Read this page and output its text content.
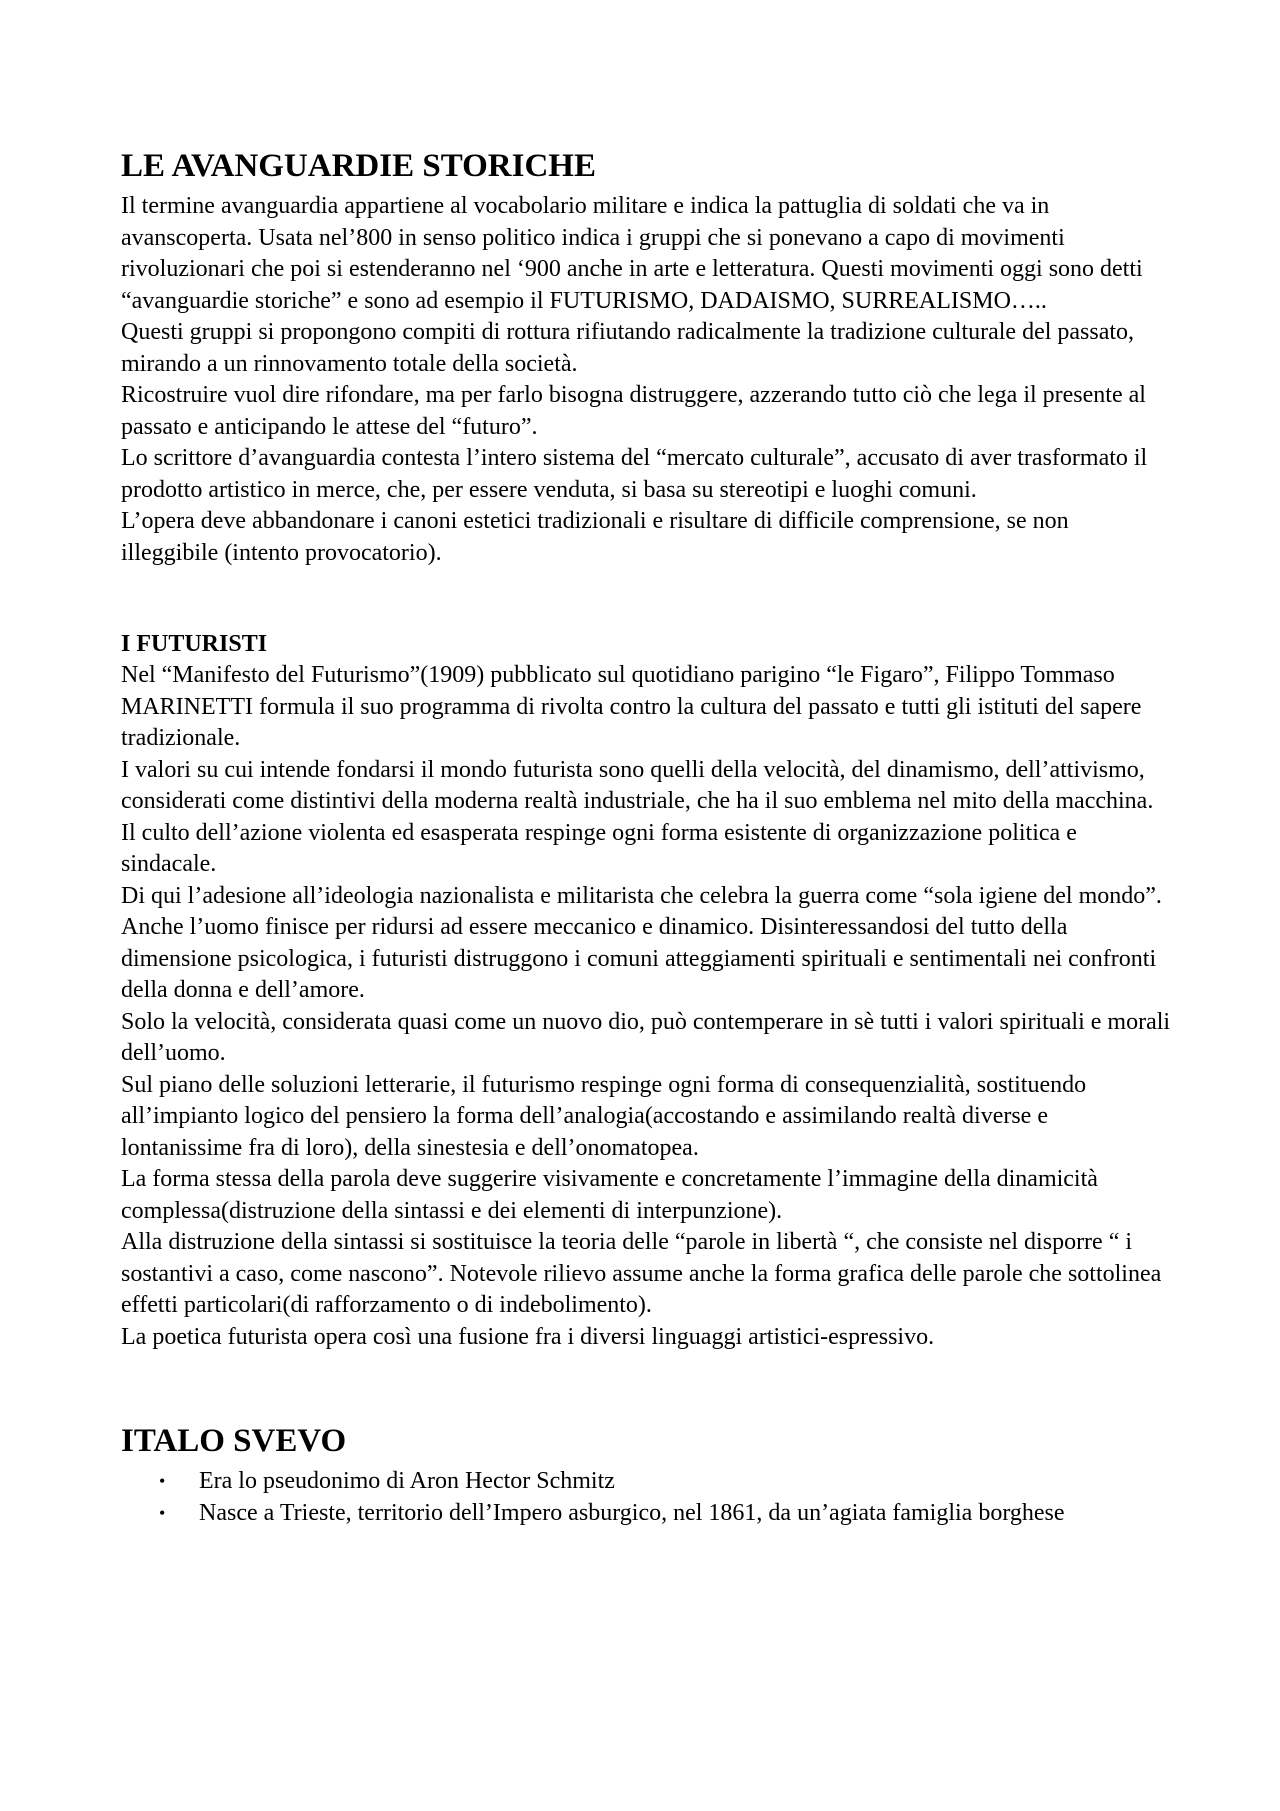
LE AVANGUARDIE STORICHE

Il termine avanguardia appartiene al vocabolario militare e indica la pattuglia di soldati che va in avanscoperta. Usata nel’800 in senso politico indica i gruppi che si ponevano a capo di movimenti rivoluzionari che poi si estenderanno nel ‘900 anche in arte e letteratura. Questi movimenti oggi sono detti “avanguardie storiche” e sono ad esempio il FUTURISMO, DADAISMO, SURREALISMO…..

Questi gruppi si propongono compiti di rottura rifiutando radicalmente la tradizione culturale del passato, mirando a un rinnovamento totale della società.

Ricostruire vuol dire rifondare, ma per farlo bisogna distruggere, azzerando tutto ciò che lega il presente al passato e anticipando le attese del “futuro”.

Lo scrittore d’avanguardia contesta l’intero sistema del “mercato culturale”, accusato di aver trasformato il prodotto artistico in merce, che, per essere venduta, si basa su stereotipi e luoghi comuni.

L’opera deve abbandonare i canoni estetici tradizionali e risultare di difficile comprensione, se non illeggibile (intento provocatorio).

I FUTURISTI

Nel “Manifesto del Futurismo”(1909) pubblicato sul quotidiano parigino “le Figaro”, Filippo Tommaso MARINETTI formula il suo programma di rivolta contro la cultura del passato e tutti gli istituti del sapere tradizionale.

I valori su cui intende fondarsi il mondo futurista sono quelli della velocità, del dinamismo, dell’attivismo, considerati come distintivi della moderna realtà industriale, che ha il suo emblema nel mito della macchina.

Il culto dell’azione violenta ed esasperata respinge ogni forma esistente di organizzazione politica e sindacale.

Di qui l’adesione all’ideologia nazionalista e militarista che celebra la guerra come “sola igiene del mondo”.

Anche l’uomo finisce per ridursi ad essere meccanico e dinamico. Disinteressandosi del tutto della dimensione psicologica, i futuristi distruggono i comuni atteggiamenti spirituali e sentimentali nei confronti della donna e dell’amore.

Solo la velocità, considerata quasi come un nuovo dio, può contemperare in sè tutti i valori spirituali e morali dell’uomo.

Sul piano delle soluzioni letterarie, il futurismo respinge ogni forma di consequenzialità, sostituendo all’impianto logico del pensiero la forma dell’analogia(accostando e assimilando realtà diverse e lontanissime fra di loro), della sinestesia e dell’onomatopea.

La forma stessa della parola deve suggerire visivamente e concretamente l’immagine della dinamicità complessa(distruzione della sintassi e dei elementi di interpunzione).

Alla distruzione della sintassi si sostituisce la teoria delle “parole in libertà “, che consiste nel disporre “ i sostantivi a caso, come nascono”. Notevole rilievo assume anche la forma grafica delle parole che sottolinea effetti particolari(di rafforzamento o di indebolimento).

La poetica futurista opera così una fusione fra i diversi linguaggi artistici-espressivo.

ITALO SVEVO
• Era lo pseudonimo di Aron Hector Schmitz
• Nasce a Trieste, territorio dell’Impero asburgico, nel 1861, da un’agiata famiglia borghese
